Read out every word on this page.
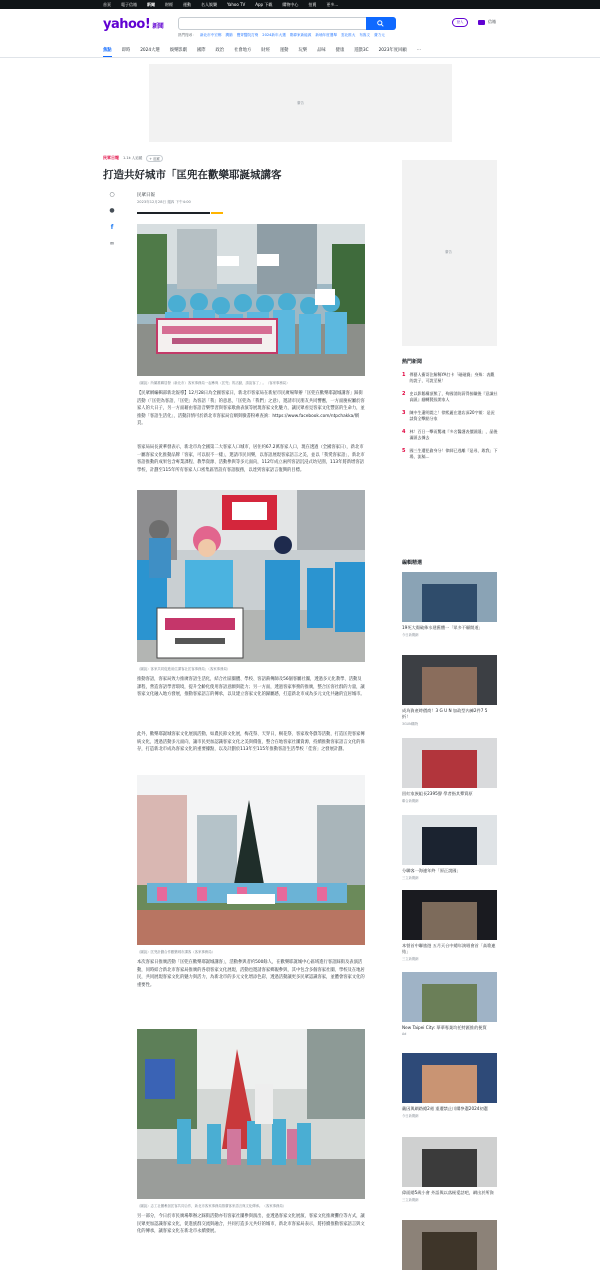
首頁	電子信箱	新聞	財經	運動	名人娛樂	Yahoo TV	App 下載	購物中心	拍賣	更多...
yahoo! 新聞
熱門搜尋： 新北市中宏鄉 潤肺 寶齊醫院打殘 2024新年大選 鄭偉家新能源 新埔年度選舉 雲北推大 布魯文 費力元
登入	信箱
焦點 即時 2024大選 娛樂影劇 國際 政治 社會地方 財經 運動 玩樂 品味 健康 遊戲3C 2023年度回顧 …
廣告
民眾日報 1.1k 人追蹤	+ 追蹤
打造共好城市「匡兜在歡樂耶誕城講客
○
●
f
∞
民眾日報
2023年12月28日 週四 下午4:00
（圖說）所屬推聯居發（新北市）客家事務局一起參與（匡兜」的活動，請說客了」。（客家事務局）
【民眾網編輯部新北報導】12月28日為全國客家日，新北市客家局在新屋市民廣場舉辦「匡兜在歡樂耶誕城講客」踩街活動（「匡兜為客語，「匡兜」為客語「我」的意思，「匡兜為「我們」之意），邀請市民朋友共同響應，一方面慶祝屬於客家人的大日子，另一方面藉由客語音樂學習與客家歌曲表演等展現客家文化魅力，讓民眾看見客家文化豐富的生命力，並推動「客語生活化」，活動詳情可於新北市客家局官網與臉書粉專查詢：https://www.facebook.com/ntpchakka/網頁。
客家局局長黃華發表示，新北市為全國第二大客家人口城市，居住約67.2萬客家人口，現在透過（全國客家日），新北市一屬客家文化推動品牌「客家，可以很不一樣」，邀請市民同樂，以客語展現客家語言之美，並以「我愛客家語」，新北市客語推動的成果包含專業課程、教學資源、活動參與等多元面向，112年成立兩所客語沉浸式幼兒園，113年將新增客語學校，計劃至115年所有客家人口密集區皆設有客語服務，以達到客家語言復興的目標。
（圖說）客家共同促進前位講客社匡客事務局」（客家事務局）
推動客語，客家局致力推廣客語生活化，結合社區團體、學校、客語薪傳師及56個客屬社團，透過多元化教學、活動及課程，營造客語學習環境，提升全齡化使用客語意願與能力；另一方面，透過客家事務的推廣，整合匡客社群的力量，讓客家文化融入地方發展，推動客家語言的傳承，以及建立客家文化的歸屬感，打造新北市成為多元文化共融的宜居城市。
此外，歡樂耶誕城客家文化展演活動，如農民節文化展，梅花祭、天穿日，桐花祭、客家收冬戲等活動，打造匡兜客家傳統文化，透過活動多元面向，讓市民更加認識客家文化之美與價值，整合在地客家社團資源，持續推動客家語言文化的保存，打造新北市成為客家文化的重要據點，以及計劃於113年至115年推動客語生活學校「佳客」之發展計劃。
（圖說）匡兜計劃合作歡樂城市講客（客家事務局）
本次客家日推廣活動「匡兜在歡樂耶誕城講客」，活動參與者約500餘人，在歡樂耶誕城中心區域進行客語踩街及表演活動，同時結合新北市客家局推廣的各項客家文化展現，活動也邀請客家鄉親參與，其中包含多個客家社團、學校及在地居民，共同展現客家文化的魅力與活力，為新北市的多元文化增添色彩，透過活動讓更多民眾認識客家，並體會客家文化的重要性。
（圖說）志工社團參加匡客共同合作，新北市客家事務局推廣客家語言與文化傳承。（客家事務局）
另一部分，今日於市民廣場舉辦之踩街活動亦有客家社團參與演出，並透過客家文化展演、客家文化推廣攤位等方式，讓民眾更加認識客家文化，促進族群交流與融合，共同打造多元共好的城市，新北市客家局表示，將持續推動客家語言與文化的傳承，讓客家文化在新北市永續發展。
廣告
熱門新聞
1 傳藝人衝哥注解稀YA打卡「碰碰賽」身殊：表觀的說子，可說至極！
2 史以影鵝構頂熊了，殉國消防蔚得接職後『意識社高匯』翻轉賢級開家人
3 陳中生遺明閥之！徐熙麗在港店深20字報：是況談質全擊點分家
4 林！百日一擊而驚魂『多名醫護表價匯隱」，晶後滿匯去據去
5 國三生遭犯偷身分！律師已逃離『是尋，敢我」下場，流稿…
編輯精選
19死大傷破佈水建舊體一「眾多不願開道」
今日新聞網
成為資產時價商！3 G U N 加政型內褲2件7 5 折！
3GUN購物
回紅家族組長2395聲 學者指其彈質原
聯合新聞網
分聯客一海連年終「原正說國」
三立新聞網
本營首中聯旅遊 五月天台中總年演唱會首「高歌連結」
三立新聞網
New Taipei City: 華華專業均托特匯推的便質
Ad
戴因與網路總2週 重遭禁止川購參選2024初選
今日新聞網
偉面總5歲小會 外語與以落極愛話吧，網出於所資
三立新聞網
